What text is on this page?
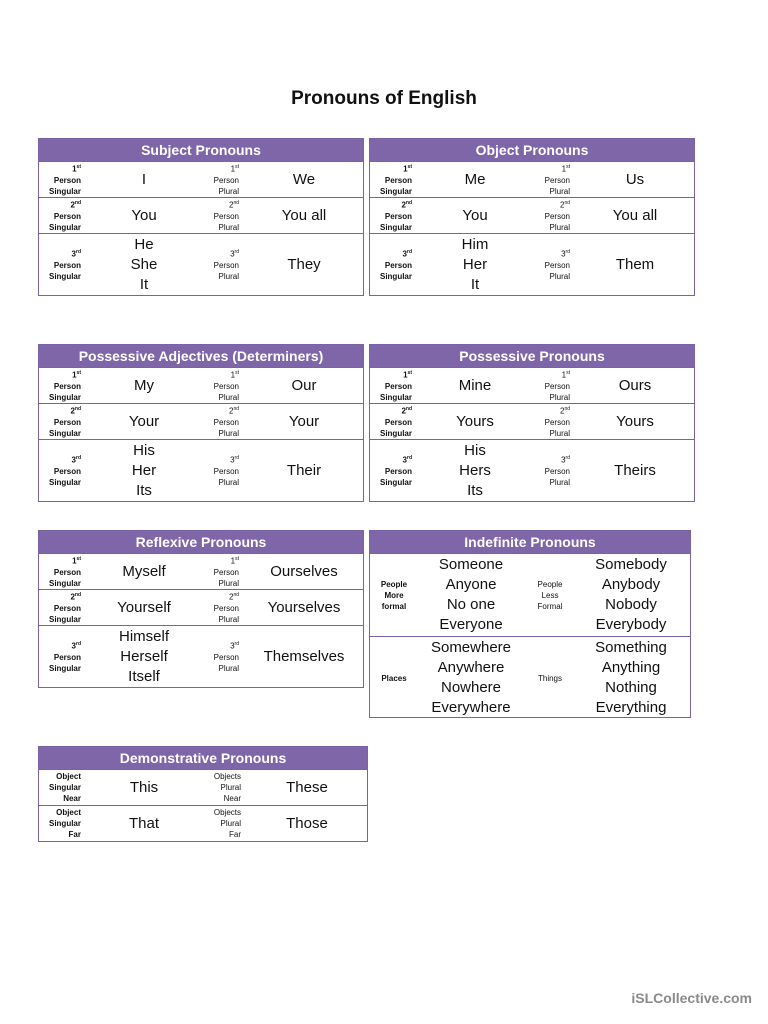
Pronouns of English
Subject Pronouns
1st
Person
Singular
I
1st
Person
Plural
We
2nd
Person
Singular
You
2nd
Person
Plural
You all
3rd
Person
Singular
He
She
It
3rd
Person
Plural
They
Object Pronouns
1st
Person
Singular
Me
1st
Person
Plural
Us
2nd
Person
Singular
You
2nd
Person
Plural
You all
3rd
Person
Singular
Him
Her
It
3rd
Person
Plural
Them
Possessive Adjectives (Determiners)
1st
Person
Singular
My
1st
Person
Plural
Our
2nd
Person
Singular
Your
2nd
Person
Plural
Your
3rd
Person
Singular
His
Her
Its
3rd
Person
Plural
Their
Possessive Pronouns
1st
Person
Singular
Mine
1st
Person
Plural
Ours
2nd
Person
Singular
Yours
2nd
Person
Plural
Yours
3rd
Person
Singular
His
Hers
Its
3rd
Person
Plural
Theirs
Reflexive Pronouns
1st
Person
Singular
Myself
1st
Person
Plural
Ourselves
2nd
Person
Singular
Yourself
2nd
Person
Plural
Yourselves
3rd
Person
Singular
Himself
Herself
Itself
3rd
Person
Plural
Themselves
Indefinite Pronouns
People
More
formal
Someone
Anyone
No one
Everyone
People
Less
Formal
Somebody
Anybody
Nobody
Everybody
Places
Somewhere
Anywhere
Nowhere
Everywhere
Things
Something
Anything
Nothing
Everything
Demonstrative Pronouns
Object
Singular
Near
This
Objects
Plural
Near
These
Object
Singular
Far
That
Objects
Plural
Far
Those
iSLCollective.com
